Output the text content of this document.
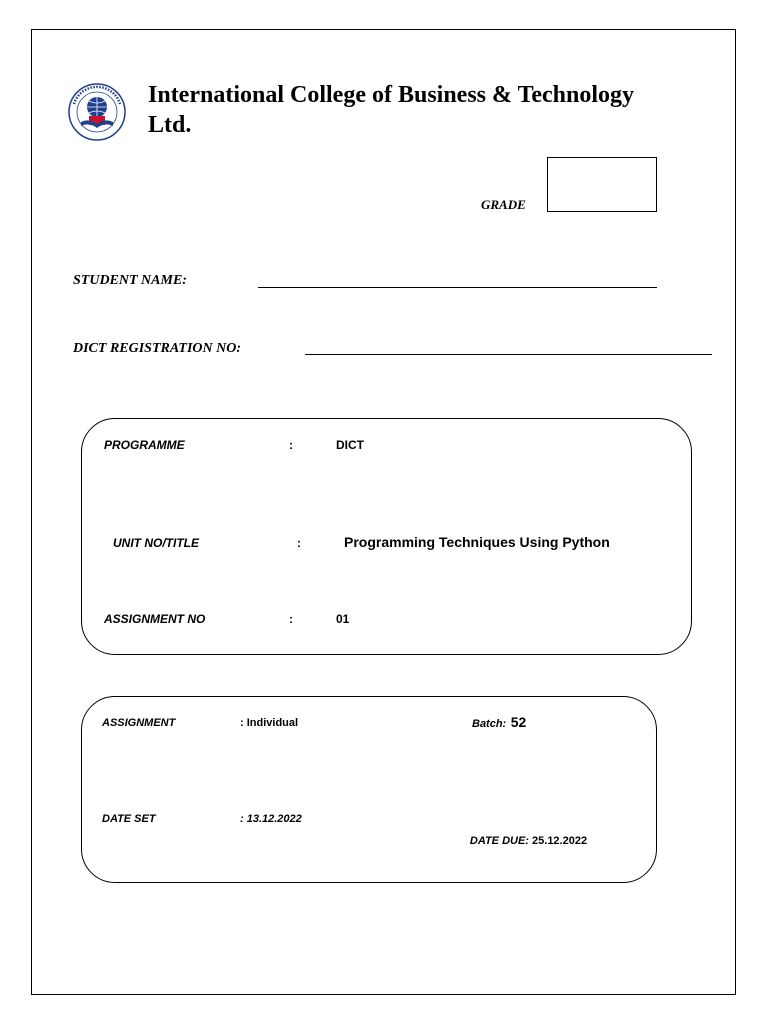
International College of Business & Technology
Ltd.
GRADE
STUDENT NAME:
DICT REGISTRATION NO:
PROGRAMME	:	DICT
UNIT NO/TITLE	:	Programming Techniques Using Python
ASSIGNMENT NO	:	01
ASSIGNMENT	: Individual	Batch: 52
DATE SET	: 13.12.2022

DATE DUE: 25.12.2022
